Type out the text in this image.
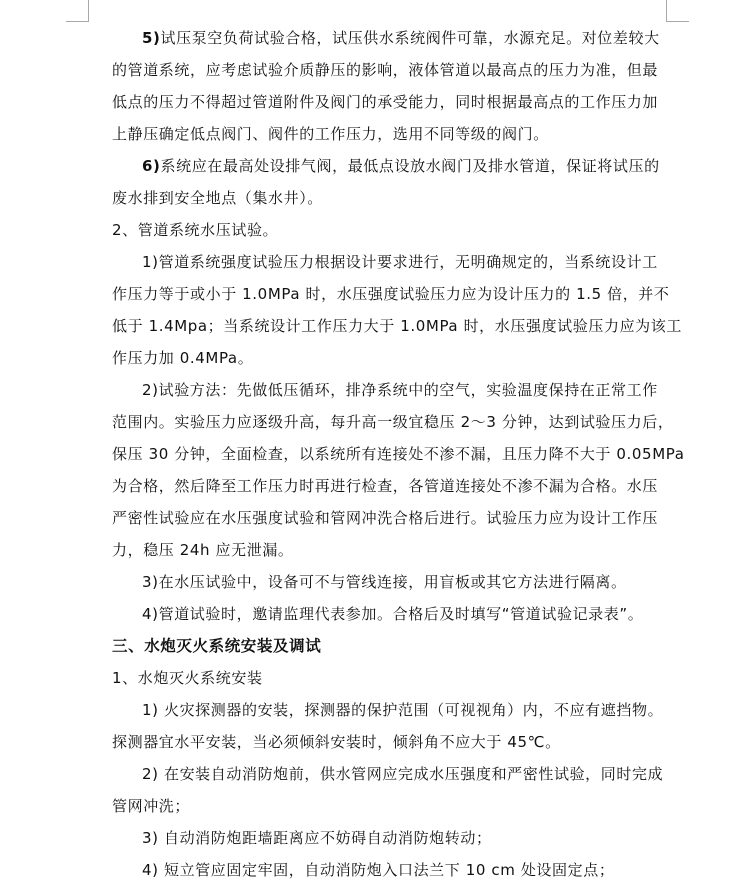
5)试压泵空负荷试验合格，试压供水系统阀件可靠，水源充足。对位差较大
的管道系统，应考虑试验介质静压的影响，液体管道以最高点的压力为准，但最
低点的压力不得超过管道附件及阀门的承受能力，同时根据最高点的工作压力加
上静压确定低点阀门、阀件的工作压力，选用不同等级的阀门。
6)系统应在最高处设排气阀，最低点设放水阀门及排水管道，保证将试压的
废水排到安全地点（集水井）。
2、管道系统水压试验。
1)管道系统强度试验压力根据设计要求进行，无明确规定的，当系统设计工
作压力等于或小于 1.0MPa 时，水压强度试验压力应为设计压力的 1.5 倍，并不
低于 1.4Mpa；当系统设计工作压力大于 1.0MPa 时，水压强度试验压力应为该工
作压力加 0.4MPa。
2)试验方法：先做低压循环，排净系统中的空气，实验温度保持在正常工作
范围内。实验压力应逐级升高，每升高一级宜稳压 2～3 分钟，达到试验压力后，
保压 30 分钟，全面检查，以系统所有连接处不渗不漏，且压力降不大于 0.05MPa
为合格，然后降至工作压力时再进行检查，各管道连接处不渗不漏为合格。水压
严密性试验应在水压强度试验和管网冲洗合格后进行。试验压力应为设计工作压
力，稳压 24h 应无泄漏。
3)在水压试验中，设备可不与管线连接，用盲板或其它方法进行隔离。
4)管道试验时，邀请监理代表参加。合格后及时填写“管道试验记录表”。
三、水炮灭火系统安装及调试
1、水炮灭火系统安装
1) 火灾探测器的安装，探测器的保护范围（可视视角）内，不应有遮挡物。
探测器宜水平安装，当必须倾斜安装时，倾斜角不应大于 45℃。
2) 在安装自动消防炮前，供水管网应完成水压强度和严密性试验，同时完成
管网冲洗；
3) 自动消防炮距墙距离应不妨碍自动消防炮转动；
4) 短立管应固定牢固，自动消防炮入口法兰下 10 cm 处设固定点；
